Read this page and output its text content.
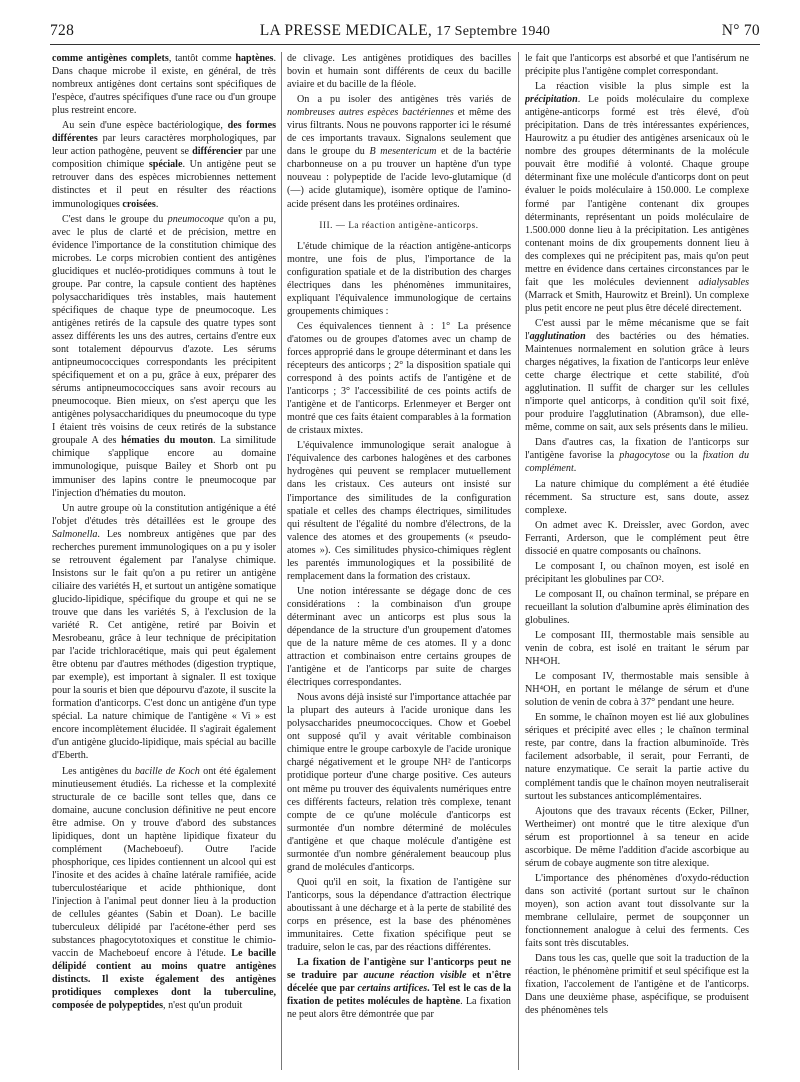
728	LA PRESSE MEDICALE, 17 Septembre 1940	N° 70

comme antigènes complets, tantôt comme haptènes. Dans chaque microbe il existe, en général, de très nombreux antigènes dont certains sont spécifiques de l'espèce, d'autres spécifiques d'une race ou d'un groupe plus restreint encore.

Au sein d'une espèce bactériologique, des formes différentes par leurs caractères morphologiques, par leur action pathogène, peuvent se différencier par une composition chimique spéciale. Un antigène peut se retrouver dans des espèces microbiennes nettement distinctes et il peut en résulter des réactions immunologiques croisées.

C'est dans le groupe du pneumocoque qu'on a pu, avec le plus de clarté et de précision, mettre en évidence l'importance de la constitution chimique des microbes. Le corps microbien contient des antigènes glucidiques et nucléo-protidiques communs à tout le groupe. Par contre, la capsule contient des haptènes polysaccharidiques très instables, mais hautement spécifiques de chaque type de pneumocoque. Les antigènes retirés de la capsule des quatre types sont assez différents les uns des autres, certains d'entre eux sont totalement dépourvus d'azote. Les sérums antipneumococciques correspondants les précipitent spécifiquement et on a pu, grâce à eux, préparer des sérums antipneumococciques sans avoir recours au pneumocoque. Bien mieux, on s'est aperçu que les antigènes polysaccharidiques du pneumocoque du type I étaient très voisins de ceux retirés de la substance groupale A des hématies du mouton. La similitude chimique s'applique encore au domaine immunologique, puisque Bailey et Shorb ont pu immuniser des lapins contre le pneumocoque par l'injection d'hématies du mouton.

Un autre groupe où la constitution antigénique a été l'objet d'études très détaillées est le groupe des Salmonella. Les nombreux antigènes que par des recherches purement immunologiques on a pu y isoler se retrouvent également par l'analyse chimique. Insistons sur le fait qu'on a pu retirer un antigène ciliaire des variétés H, et surtout un antigène somatique glucido-lipidique, spécifique du groupe et qui ne se trouve que dans les variétés S, à l'exclusion de la variété R. Cet antigène, retiré par Boivin et Mesrobeanu, grâce à leur technique de précipitation par l'acide trichloracétique, mais qui peut également être obtenu par d'autres méthodes (digestion tryptique, par exemple), est important à signaler. Il est toxique pour la souris et bien que dépourvu d'azote, il suscite la formation d'anticorps. C'est donc un antigène d'un type spécial. La nature chimique de l'antigène « Vi » est encore incomplètement élucidée. Il s'agirait également d'un antigène glucido-lipidique, mais spécial au bacille d'Eberth.

Les antigènes du bacille de Koch ont été également minutieusement étudiés. La richesse et la complexité structurale de ce bacille sont telles que, dans ce domaine, aucune conclusion définitive ne peut encore être admise. On y trouve d'abord des substances lipidiques, dont un haptène lipidique fixateur du complément (Macheboeuf). Outre l'acide phosphorique, ces lipides contiennent un alcool qui est l'inosite et des acides à chaîne latérale ramifiée, acide tuberculostéarique et acide phthionique, dont l'injection à l'animal peut donner lieu à la production de cellules géantes (Sabin et Doan). Le bacille tuberculeux délipidé par l'acétone-éther perd ses substances phagocytotoxiques et constitue le chimio-vaccin de Macheboeuf encore à l'étude. Le bacille délipidé contient au moins quatre antigènes distincts. Il existe également des antigènes protidiques complexes dont la tuberculine, composée de polypeptides, n'est qu'un produit

de clivage. Les antigènes protidiques des bacilles bovin et humain sont différents de ceux du bacille aviaire et du bacille de la fléole.

On a pu isoler des antigènes très variés de nombreuses autres espèces bactériennes et même des virus filtrants. Nous ne pouvons rapporter ici le résumé de ces importants travaux. Signalons seulement que dans le groupe du B mesentericum et de la bactérie charbonneuse on a pu trouver un haptène d'un type nouveau : polypeptide de l'acide levo-glutamique (d (—) acide glutamique), isomère optique de l'amino-acide présent dans les protéines ordinaires.

III. — La réaction antigène-anticorps.

L'étude chimique de la réaction antigène-anticorps montre, une fois de plus, l'importance de la configuration spatiale et de la distribution des charges électriques dans les phénomènes immunitaires, expliquant l'équivalence immunologique de certains groupements chimiques :

Ces équivalences tiennent à : 1° La présence d'atomes ou de groupes d'atomes avec un champ de forces approprié dans le groupe déterminant et dans les récepteurs des anticorps ; 2° la disposition spatiale qui correspond à des points actifs de l'antigène et de l'anticorps ; 3° l'accessibilité de ces points actifs de l'antigène et de l'anticorps. Erlenmeyer et Berger ont montré que ces faits étaient comparables à la formation de cristaux mixtes.

L'équivalence immunologique serait analogue à l'équivalence des carbones halogènes et des carbones hydrogènes qui peuvent se remplacer mutuellement dans les cristaux. Ces auteurs ont insisté sur l'importance des similitudes de la configuration spatiale et celles des champs électriques, similitudes qui résultent de l'égalité du nombre d'électrons, de la valence des atomes et des groupements (« pseudo-atomes »). Ces similitudes physico-chimiques règlent les parentés immunologiques et la possibilité de remplacement dans la formation des cristaux.

Une notion intéressante se dégage donc de ces considérations : la combinaison d'un groupe déterminant avec un anticorps est plus sous la dépendance de la structure d'un groupement d'atomes que de la nature même de ces atomes. Il y a donc attraction et combinaison entre certains groupes de l'antigène et de l'anticorps par suite de charges électriques correspondantes.

Nous avons déjà insisté sur l'importance attachée par la plupart des auteurs à l'acide uronique dans les polysaccharides pneumococciques. Chow et Goebel ont supposé qu'il y avait véritable combinaison chimique entre le groupe carboxyle de l'acide uronique chargé négativement et le groupe NH² de l'anticorps protidique porteur d'une charge positive. Ces auteurs ont même pu trouver des équivalents numériques entre ces différents facteurs, relation très complexe, tenant compte de ce qu'une molécule d'anticorps est surmontée d'un nombre déterminé de molécules d'antigène et que chaque molécule d'antigène est surmontée d'un nombre généralement beaucoup plus grand de molécules d'anticorps.

Quoi qu'il en soit, la fixation de l'antigène sur l'anticorps, sous la dépendance d'attraction électrique aboutissant à une décharge et à la perte de stabilité des corps en présence, est la base des phénomènes immunitaires. Cette fixation spécifique peut se traduire, selon le cas, par des réactions différentes.

La fixation de l'antigène sur l'anticorps peut ne se traduire par aucune réaction visible et n'être décelée que par certains artifices. Tel est le cas de la fixation de petites molécules de haptène. La fixation ne peut alors être démontrée que par

le fait que l'anticorps est absorbé et que l'antisérum ne précipite plus l'antigène complet correspondant.

La réaction visible la plus simple est la précipitation. Le poids moléculaire du complexe antigène-anticorps formé est très élevé, d'où précipitation. Dans de très intéressantes expériences, Haurowitz a pu étudier des antigènes arsenicaux où le nombre des groupes déterminants de la molécule pouvait être modifié à volonté. Chaque groupe déterminant fixe une molécule d'anticorps dont on peut évaluer le poids moléculaire à 150.000. Le complexe formé par l'antigène contenant dix groupes déterminants, représentant un poids moléculaire de 1.500.000 donne lieu à la précipitation. Les antigènes contenant moins de dix groupements donnent lieu à des complexes qui ne précipitent pas, mais qu'on peut mettre en évidence dans certaines circonstances par le fait que les molécules deviennent adialysables (Marrack et Smith, Haurowitz et Breinl). Un complexe plus petit encore ne peut plus être décelé directement.

C'est aussi par le même mécanisme que se fait l'agglutination des bactéries ou des hématies. Maintenues normalement en solution grâce à leurs charges négatives, la fixation de l'anticorps leur enlève cette charge électrique et cette stabilité, d'où agglutination. Il suffit de charger sur les cellules n'importe quel anticorps, à condition qu'il soit fixé, pour produire l'agglutination (Abramson), due elle-même, comme on sait, aux sels présents dans le milieu.

Dans d'autres cas, la fixation de l'anticorps sur l'antigène favorise la phagocytose ou la fixation du complément.

La nature chimique du complément a été étudiée récemment. Sa structure est, sans doute, assez complexe.

On admet avec K. Dreissler, avec Gordon, avec Ferranti, Arderson, que le complément peut être dissocié en quatre composants ou chaînons.

Le composant I, ou chaînon moyen, est isolé en précipitant les globulines par CO².

Le composant II, ou chaînon terminal, se prépare en recueillant la solution d'albumine après élimination des globulines.

Le composant III, thermostable mais sensible au venin de cobra, est isolé en traitant le sérum par NH⁴OH.

Le composant IV, thermostable mais sensible à NH⁴OH, en portant le mélange de sérum et d'une solution de venin de cobra à 37° pendant une heure.

En somme, le chaînon moyen est lié aux globulines sériques et précipité avec elles ; le chaînon terminal reste, par contre, dans la fraction albuminoïde. Très facilement adsorbable, il serait, pour Ferranti, de nature enzymatique. Ce serait la partie active du complément tandis que le chaînon moyen neutraliserait surtout les substances anticomplémentaires.

Ajoutons que des travaux récents (Ecker, Pillner, Wertheimer) ont montré que le titre alexique d'un sérum est proportionnel à sa teneur en acide ascorbique. De même l'addition d'acide ascorbique au sérum de cobaye augmente son titre alexique.

L'importance des phénomènes d'oxydo-réduction dans son activité (portant surtout sur le chaînon moyen), son action avant tout dissolvante sur la membrane cellulaire, permet de soupçonner un fonctionnement analogue à celui des ferments. Ces faits sont très discutables.

Dans tous les cas, quelle que soit la traduction de la réaction, le phénomène primitif et seul spécifique est la fixation, l'accolement de l'antigène et de l'anticorps. Dans une deuxième phase, aspécifique, se produisent des phénomènes tels
